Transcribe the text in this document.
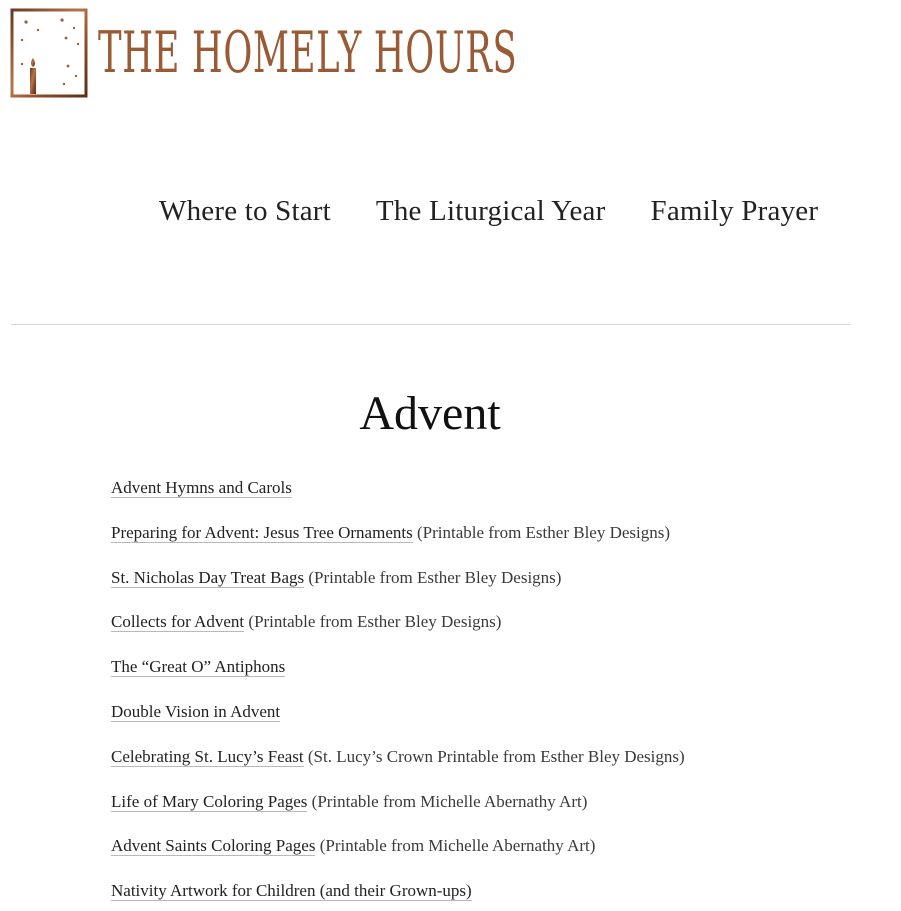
THE HOMELY HOURS
Where to Start The Liturgical Year Family Prayer
Advent
Advent Hymns and Carols
Preparing for Advent: Jesus Tree Ornaments (Printable from Esther Bley Designs)
St. Nicholas Day Treat Bags (Printable from Esther Bley Designs)
Collects for Advent (Printable from Esther Bley Designs)
The “Great O” Antiphons
Double Vision in Advent
Celebrating St. Lucy’s Feast (St. Lucy’s Crown Printable from Esther Bley Designs)
Life of Mary Coloring Pages (Printable from Michelle Abernathy Art)
Advent Saints Coloring Pages (Printable from Michelle Abernathy Art)
Nativity Artwork for Children (and their Grown-ups)
